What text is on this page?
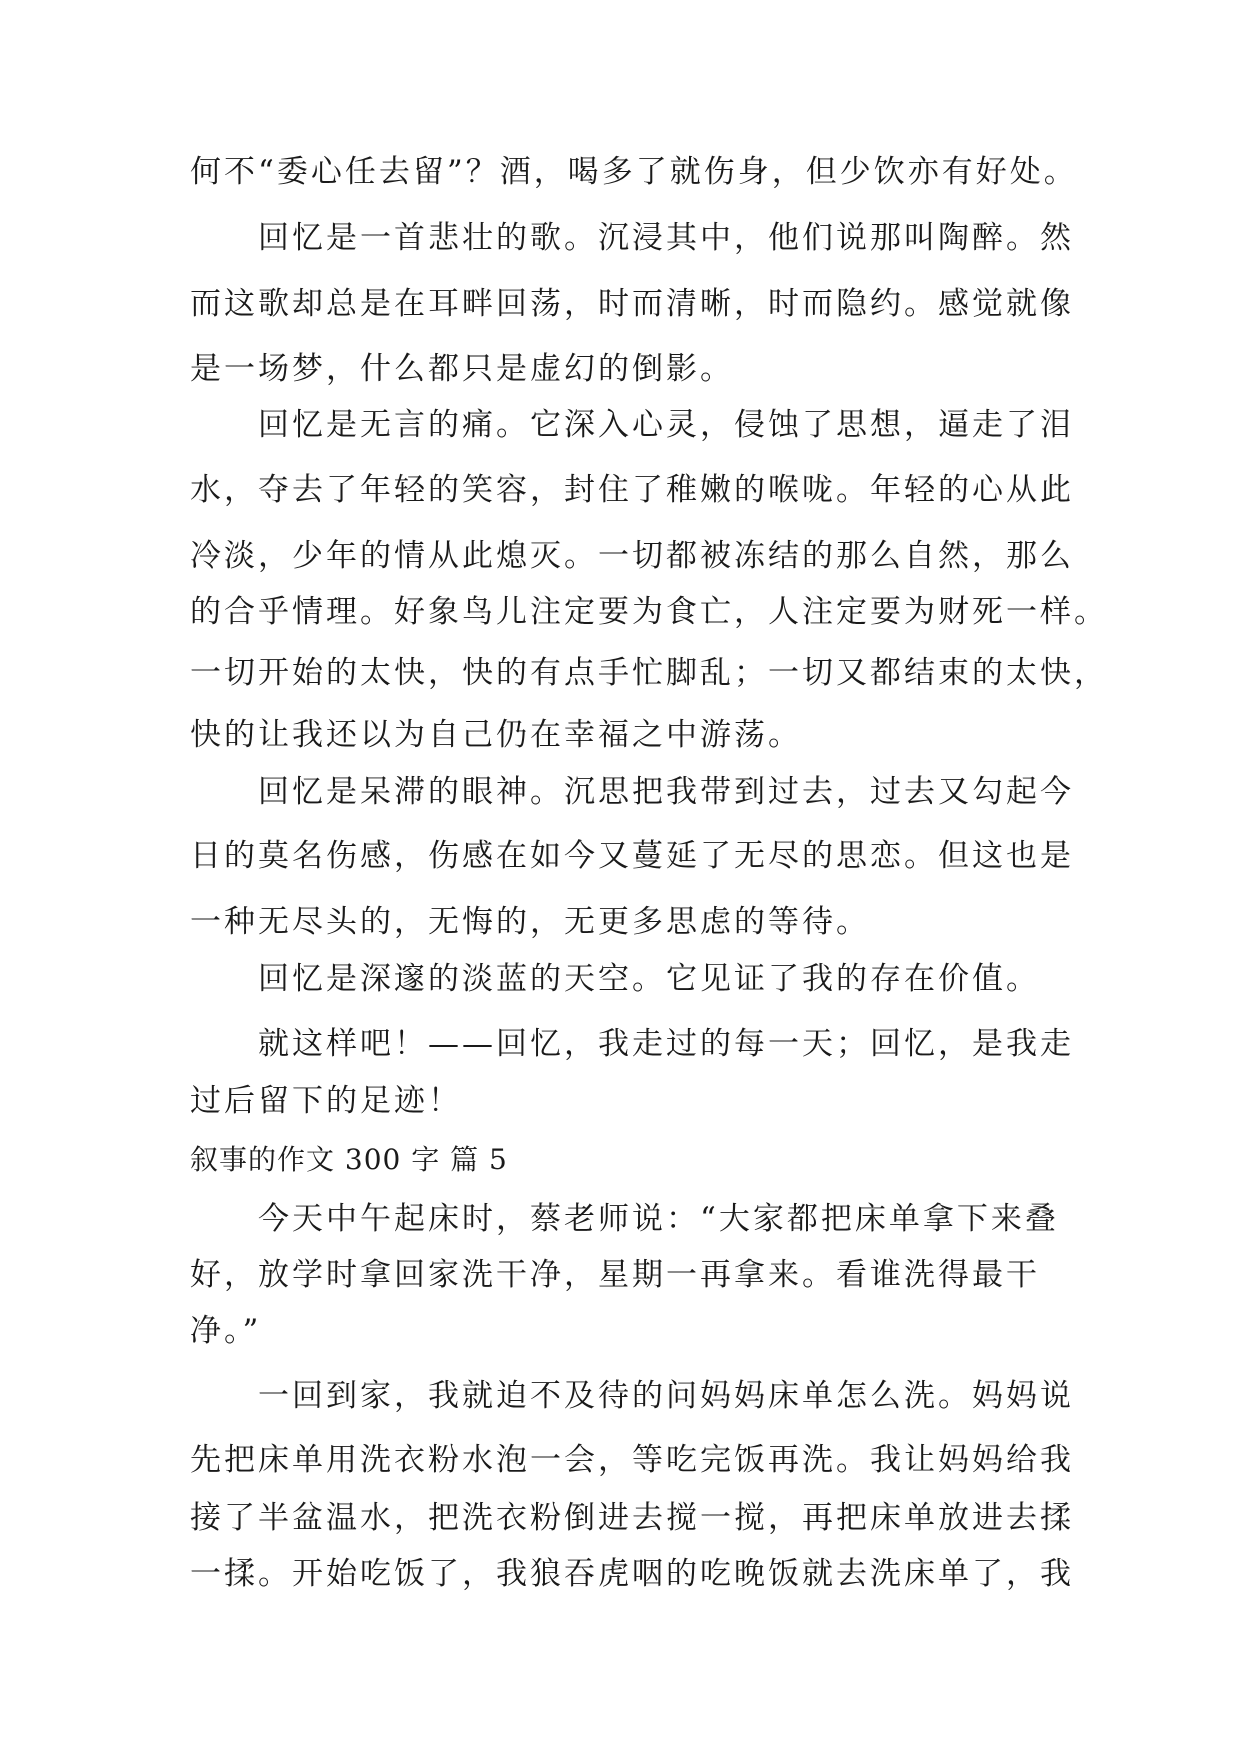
何不“委心任去留”？酒，喝多了就伤身，但少饮亦有好处。
　　回忆是一首悲壮的歌。沉浸其中，他们说那叫陶醉。然
而这歌却总是在耳畔回荡，时而清晰，时而隐约。感觉就像
是一场梦，什么都只是虚幻的倒影。
　　回忆是无言的痛。它深入心灵，侵蚀了思想，逼走了泪
水，夺去了年轻的笑容，封住了稚嫩的喉咙。年轻的心从此
冷淡，少年的情从此熄灭。一切都被冻结的那么自然，那么
的合乎情理。好象鸟儿注定要为食亡，人注定要为财死一样。
一切开始的太快，快的有点手忙脚乱；一切又都结束的太快，
快的让我还以为自己仍在幸福之中游荡。
　　回忆是呆滞的眼神。沉思把我带到过去，过去又勾起今
日的莫名伤感，伤感在如今又蔓延了无尽的思恋。但这也是
一种无尽头的，无悔的，无更多思虑的等待。
　　回忆是深邃的淡蓝的天空。它见证了我的存在价值。
　　就这样吧！——回忆，我走过的每一天；回忆，是我走
过后留下的足迹！
叙事的作文 300 字 篇 5
　　今天中午起床时，蔡老师说：“大家都把床单拿下来叠
好，放学时拿回家洗干净，星期一再拿来。看谁洗得最干
净。”
　　一回到家，我就迫不及待的问妈妈床单怎么洗。妈妈说
先把床单用洗衣粉水泡一会，等吃完饭再洗。我让妈妈给我
接了半盆温水，把洗衣粉倒进去搅一搅，再把床单放进去揉
一揉。开始吃饭了，我狼吞虎咽的吃晚饭就去洗床单了，我
